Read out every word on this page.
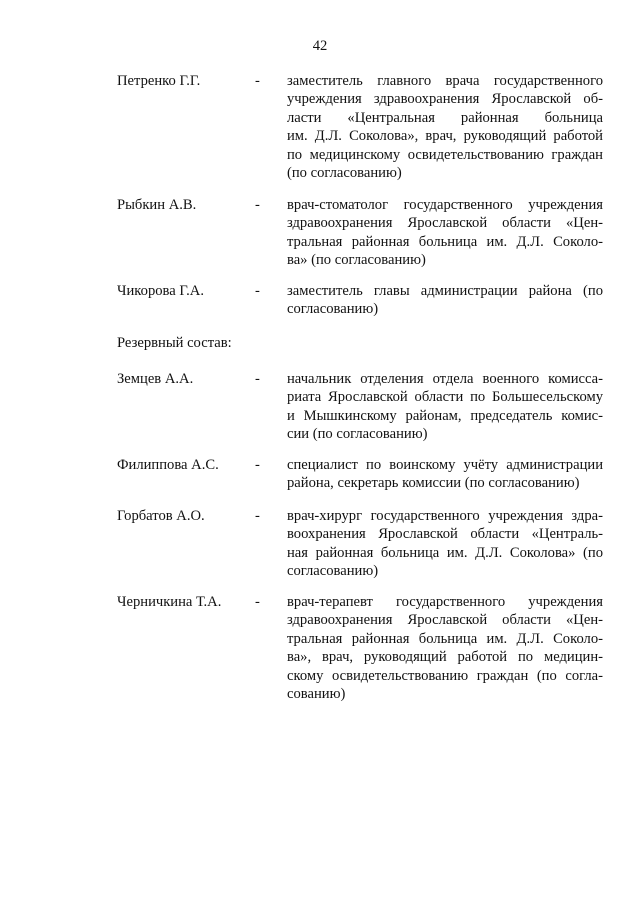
42
Петренко Г.Г.	- заместитель главного врача государственного
учреждения здравоохранения Ярославской об-
ласти «Центральная районная больница
им. Д.Л. Соколова», врач, руководящий работой
по медицинскому освидетельствованию граждан
(по согласованию)
Рыбкин А.В.	- врач-стоматолог государственного учреждения
здравоохранения Ярославской области «Цен-
тральная районная больница им. Д.Л. Соколо-
ва» (по согласованию)
Чикорова Г.А.	- заместитель главы администрации района (по
согласованию)
Резервный состав:
Земцев А.А.	- начальник отделения отдела военного комисса-
риата Ярославской области по Большесельскому
и Мышкинскому районам, председатель комис-
сии (по согласованию)
Филиппова А.С. - специалист по воинскому учёту администрации
района, секретарь комиссии (по согласованию)
Горбатов А.О.	- врач-хирург государственного учреждения здра-
воохранения Ярославской области «Централь-
ная районная больница им. Д.Л. Соколова» (по
согласованию)
Черничкина Т.А. - врач-терапевт государственного учреждения
здравоохранения Ярославской области «Цен-
тральная районная больница им. Д.Л. Соколо-
ва», врач, руководящий работой по медицин-
скому освидетельствованию граждан (по согла-
сованию)
